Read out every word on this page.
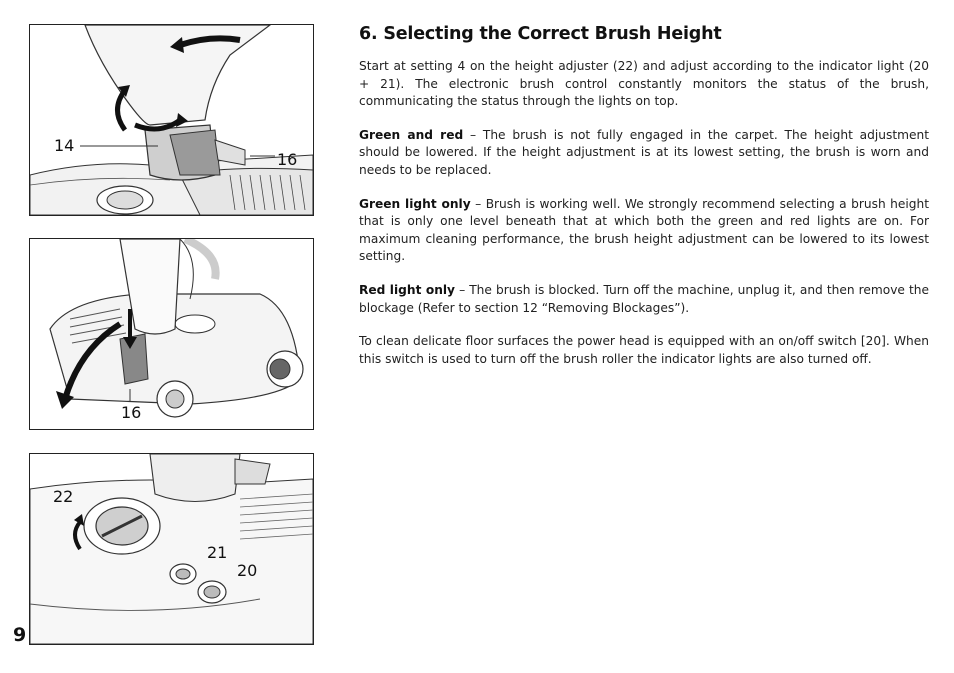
14
16
16
22
21
20
9
6. Selecting the Correct Brush Height

Start at setting 4 on the height adjuster (22) and adjust according to the indicator light (20 + 21). The electronic brush control constantly monitors the status of the brush, communicating the status through the lights on top.

Green and red – The brush is not fully engaged in the carpet. The height adjustment should be lowered. If the height adjustment is at its lowest setting, the brush is worn and needs to be replaced.

Green light only – Brush is working well. We strongly recommend selecting a brush height that is only one level beneath that at which both the green and red lights are on. For maximum cleaning performance, the brush height adjustment can be lowered to its lowest setting.

Red light only – The brush is blocked. Turn off the machine, unplug it, and then remove the blockage (Refer to section 12 “Removing Blockages”).

To clean delicate floor surfaces the power head is equipped with an on/off switch [20]. When this switch is used to turn off the brush roller the indicator lights are also turned off.
